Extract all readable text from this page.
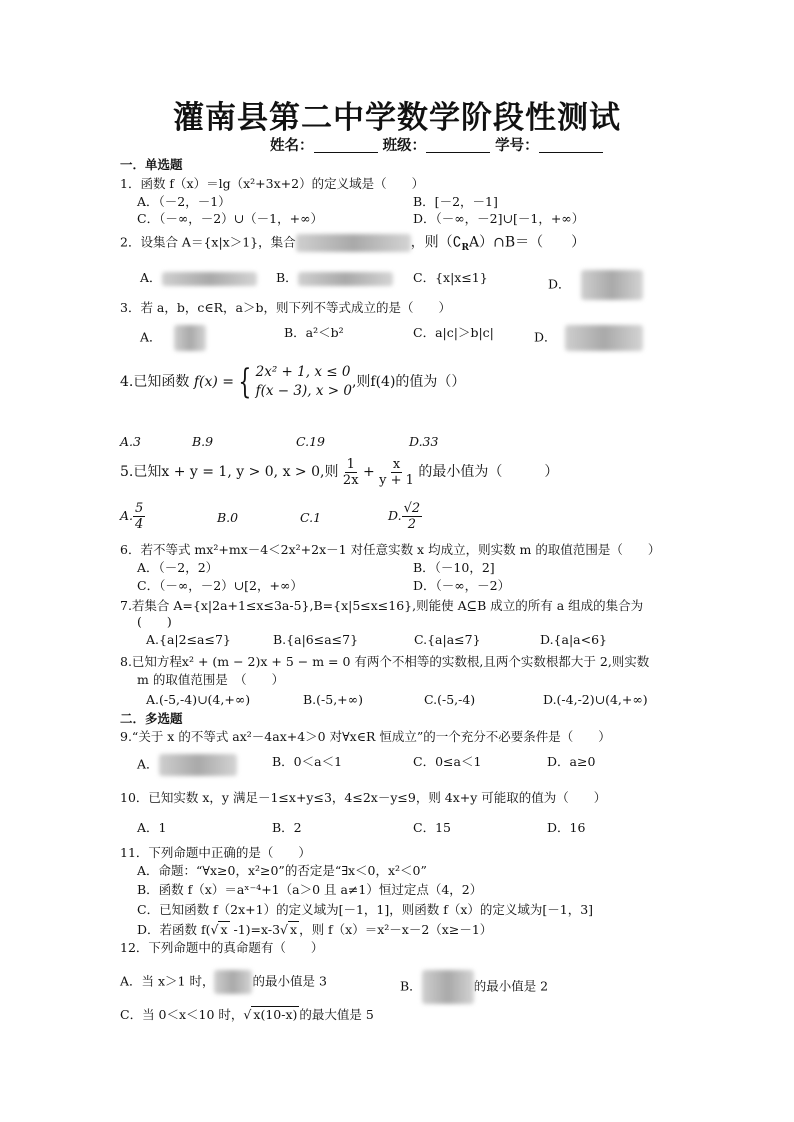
灌南县第二中学数学阶段性测试
姓名：	班级：	学号：
一．单选题
1．函数 f（x）＝lg（x²+3x+2）的定义域是（　　）
A．（－2，－1）	B．[－2，－1]
C．（－∞，－2）∪（－1，+∞）	D．（－∞，－2]∪[－1，+∞）
2．设集合 A＝{x|x＞1}，集合	，则$(∁_RA)\cap B=$（　　）
A．	B．	C．{x|x≤1}	D．
3．若 a，b，c∈R，a＞b，则下列不等式成立的是（　　）
A．	B．a²＜b²	C．a|c|＞b|c|	D．
4.已知函数 f(x) = { 2x² + 1, x ≤ 0
f(x − 3), x > 0
,则f(4)的值为（）
A.3	B.9	C.19	D.33
5.已知x + y = 1, y > 0, x > 0,则 $\frac{1}{2x} + \frac{x}{y + 1}$ 的最小值为（　　　）
A. $\frac{5}{4}$	B.0	C.1	D. $\frac{√2}{2}$
6．若不等式 mx²+mx－4＜2x²+2x－1 对任意实数 x 均成立，则实数 m 的取值范围是（　　）
A．（－2，2）	B．（－10，2]
C．（－∞，－2）∪[2，+∞）	D．（－∞，－2）
7.若集合 A={x|2a+1≤x≤3a-5},B={x|5≤x≤16},则能使 A⊆B 成立的所有 a 组成的集合为
(　　)
A.{a|2≤a≤7}	B.{a|6≤a≤7}	C.{a|a≤7}	D.{a|a<6}
8.已知方程x² + (m − 2)x + 5 − m = 0 有两个不相等的实数根,且两个实数根都大于 2,则实数
m 的取值范围是　（　　）
A.(-5,-4)∪(4,+∞)	B.(-5,+∞)	C.(-5,-4)	D.(-4,-2)∪(4,+∞)
二．多选题
9.“关于 x 的不等式 ax²－4ax+4＞0 对∀x∈R 恒成立”的一个充分不必要条件是（　　）
A．	B．0＜a＜1	C．0≤a＜1	D．a≥0
10．已知实数 x，y 满足－1≤x+y≤3，4≤2x－y≤9，则 4x+y 可能取的值为（　　）
A．1	B．2	C．15	D．16
11．下列命题中正确的是（　　）
A．命题：“∀x≥0，x²≥0”的否定是“∃x＜0，x²＜0”
B．函数 f（x）＝aˣ⁻⁴+1（a＞0 且 a≠1）恒过定点（4，2）
C．已知函数 f（2x+1）的定义域为[－1，1]，则函数 f（x）的定义域为[－1，3]
D．若函数 f(√ x -1)=x-3√ x ，则 f（x）＝x²－x－2（x≥－1）
12．下列命题中的真命题有（　　）
A．当 x＞1 时，	的最小值是 3	B．	的最小值是 2
C．当 0＜x＜10 时，√ x(10-x) 的最大值是 5
